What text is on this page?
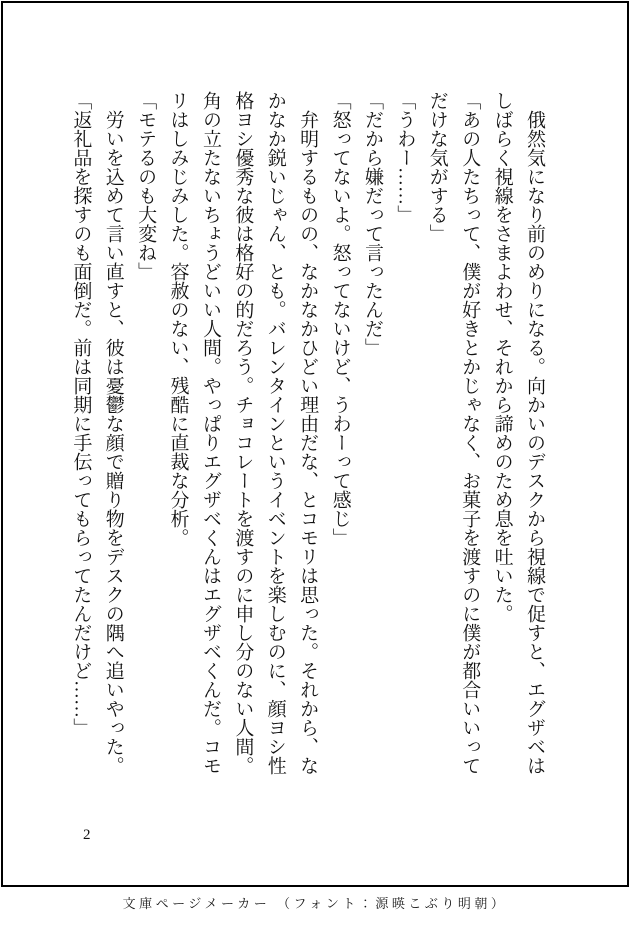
　俄然気になり前のめりになる。向かいのデスクから視線で促すと、エグザベは

しばらく視線をさまよわせ、それから諦めのため息を吐いた。

「あの人たちって、僕が好きとかじゃなく、お菓子を渡すのに僕が都合いいって

だけな気がする」

「うわー……」

「だから嫌だって言ったんだ」

「怒ってないよ。怒ってないけど、うわーって感じ」

　弁明するものの、なかなかひどい理由だな、とコモリは思った。それから、な

かなか鋭いじゃん、とも。バレンタインというイベントを楽しむのに、顔ヨシ性

格ヨシ優秀な彼は格好の的だろう。チョコレートを渡すのに申し分のない人間。

角の立たないちょうどいい人間。やっぱりエグザベくんはエグザベくんだ。コモ

リはしみじみした。容赦のない、残酷に直裁な分析。

「モテるのも大変ね」

　労いを込めて言い直すと、彼は憂鬱な顔で贈り物をデスクの隅へ追いやった。

「返礼品を探すのも面倒だ。前は同期に手伝ってもらってたんだけど……」

2
文庫ページメーカー （フォント：源暎こぶり明朝）
